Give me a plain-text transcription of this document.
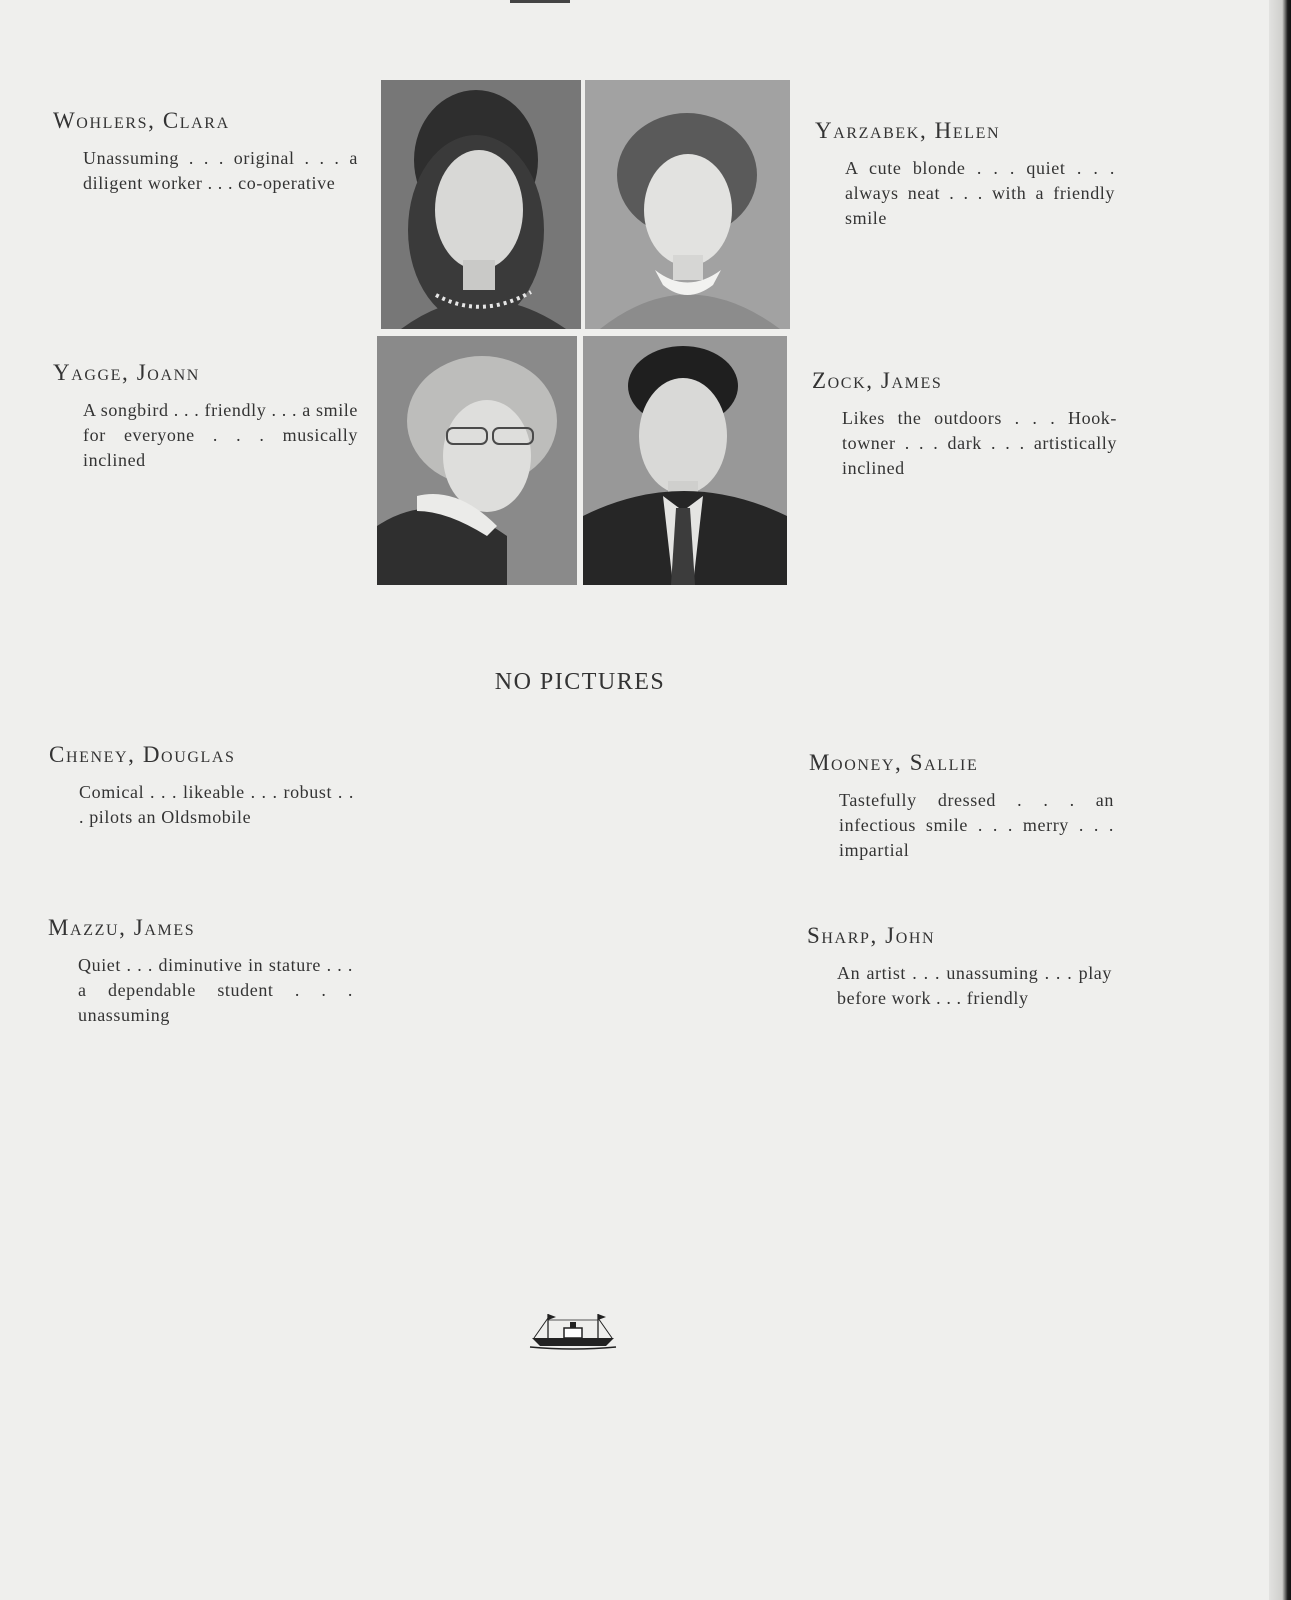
Wohlers, Clara
Unassuming . . . original . . . a diligent worker . . . co-operative
Yarzabek, Helen
A cute blonde . . . quiet . . . always neat . . . with a friendly smile
Yagge, Joann
A songbird . . . friendly . . . a smile for everyone . . . musically inclined
Zock, James
Likes the outdoors . . . Hook-towner . . . dark . . . artistically inclined
NO PICTURES
Cheney, Douglas
Comical . . . likeable . . . robust . . . pilots an Oldsmobile
Mooney, Sallie
Tastefully dressed . . . an infectious smile . . . merry . . . impartial
Mazzu, James
Quiet . . . diminutive in stature . . . a dependable student . . . unassuming
Sharp, John
An artist . . . unassuming . . . play before work . . . friendly
